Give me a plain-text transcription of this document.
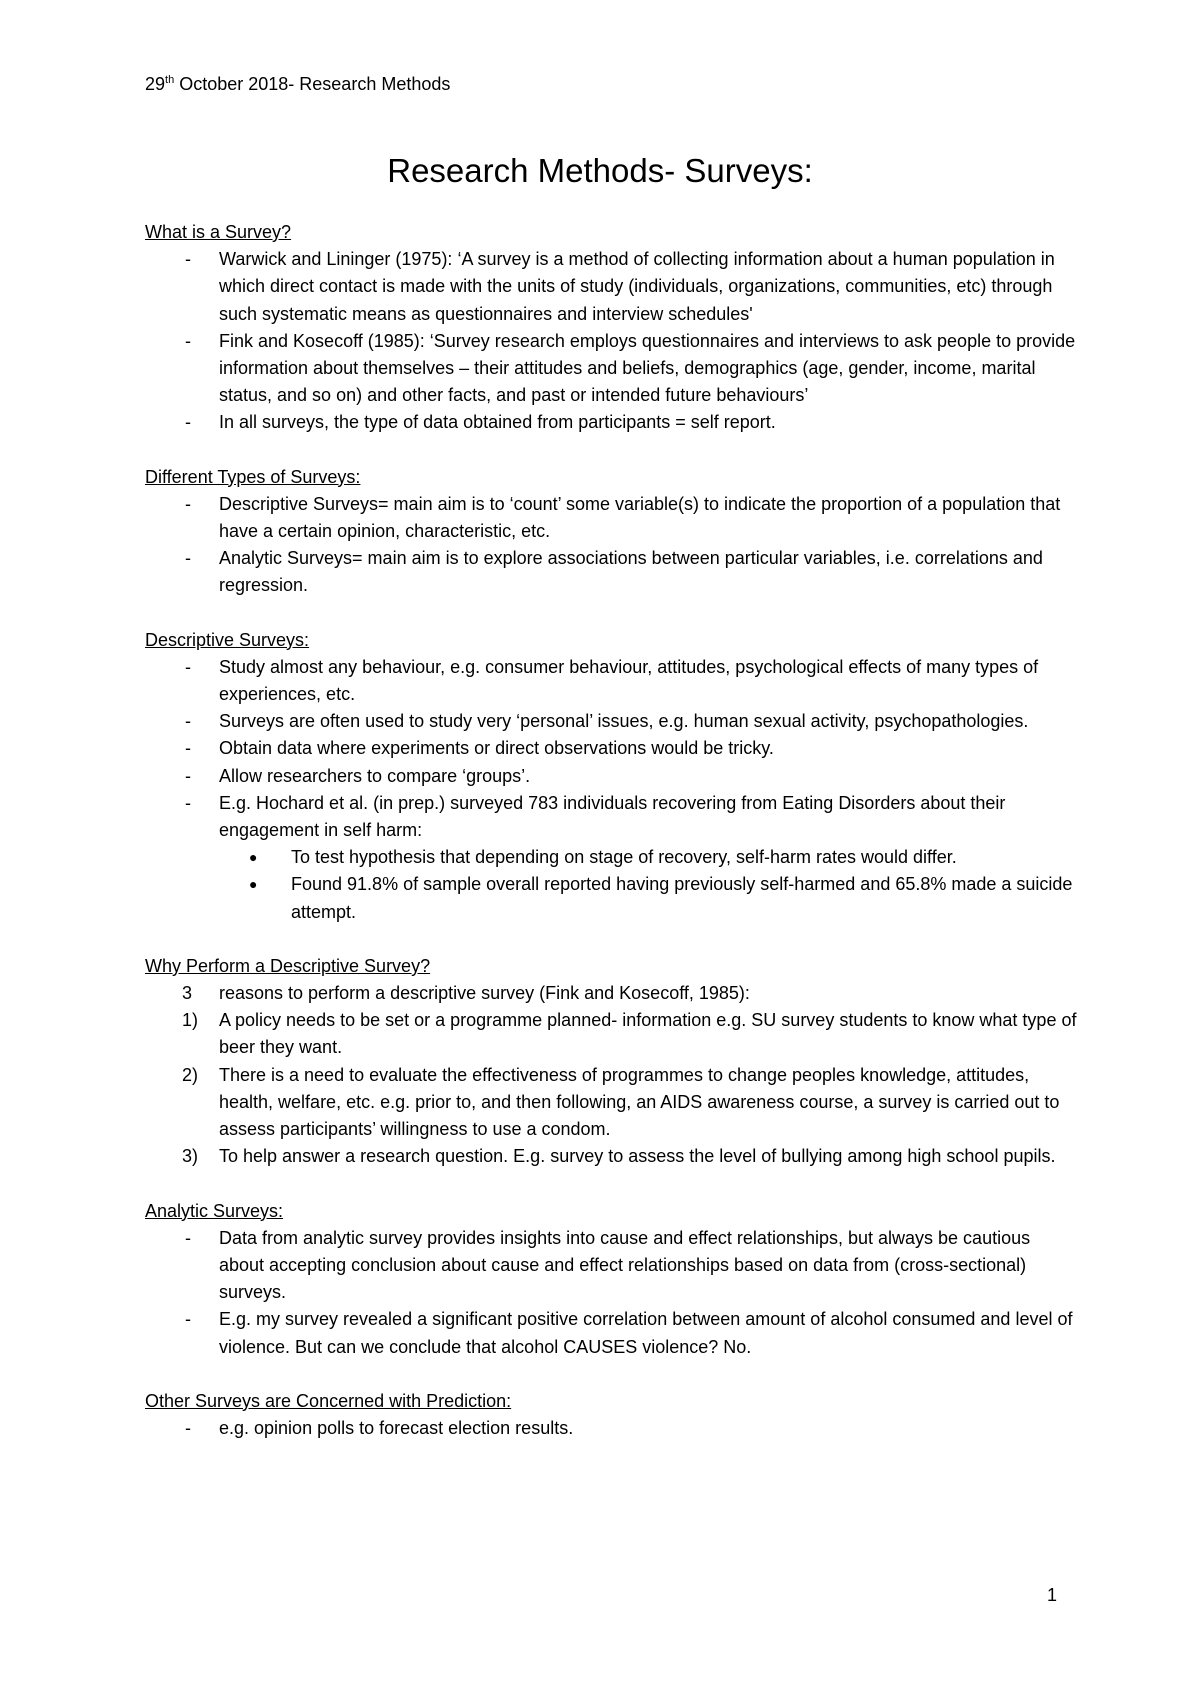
29th October 2018- Research Methods
Research Methods- Surveys:
What is a Survey?
- Warwick and Lininger (1975): ‘A survey is a method of collecting information about a human population in which direct contact is made with the units of study (individuals, organizations, communities, etc) through such systematic means as questionnaires and interview schedules'
- Fink and Kosecoff (1985): ‘Survey research employs questionnaires and interviews to ask people to provide information about themselves – their attitudes and beliefs, demographics (age, gender, income, marital status, and so on) and other facts, and past or intended future behaviours’
- In all surveys, the type of data obtained from participants = self report.
Different Types of Surveys:
- Descriptive Surveys= main aim is to ‘count’ some variable(s) to indicate the proportion of a population that have a certain opinion, characteristic, etc.
- Analytic Surveys= main aim is to explore associations between particular variables, i.e. correlations and regression.
Descriptive Surveys:
- Study almost any behaviour, e.g. consumer behaviour, attitudes, psychological effects of many types of experiences, etc.
- Surveys are often used to study very ‘personal’ issues, e.g. human sexual activity, psychopathologies.
- Obtain data where experiments or direct observations would be tricky.
- Allow researchers to compare ‘groups’.
- E.g. Hochard et al. (in prep.) surveyed 783 individuals recovering from Eating Disorders about their engagement in self harm:
● To test hypothesis that depending on stage of recovery, self-harm rates would differ.
● Found 91.8% of sample overall reported having previously self-harmed and 65.8% made a suicide attempt.
Why Perform a Descriptive Survey?
3 reasons to perform a descriptive survey (Fink and Kosecoff, 1985):
1) A policy needs to be set or a programme planned- information e.g. SU survey students to know what type of beer they want.
2) There is a need to evaluate the effectiveness of programmes to change peoples knowledge, attitudes, health, welfare, etc. e.g. prior to, and then following, an AIDS awareness course, a survey is carried out to assess participants’ willingness to use a condom.
3) To help answer a research question. E.g. survey to assess the level of bullying among high school pupils.
Analytic Surveys:
- Data from analytic survey provides insights into cause and effect relationships, but always be cautious about accepting conclusion about cause and effect relationships based on data from (cross-sectional) surveys.
- E.g. my survey revealed a significant positive correlation between amount of alcohol consumed and level of violence. But can we conclude that alcohol CAUSES violence? No.
Other Surveys are Concerned with Prediction:
- e.g. opinion polls to forecast election results.
1
